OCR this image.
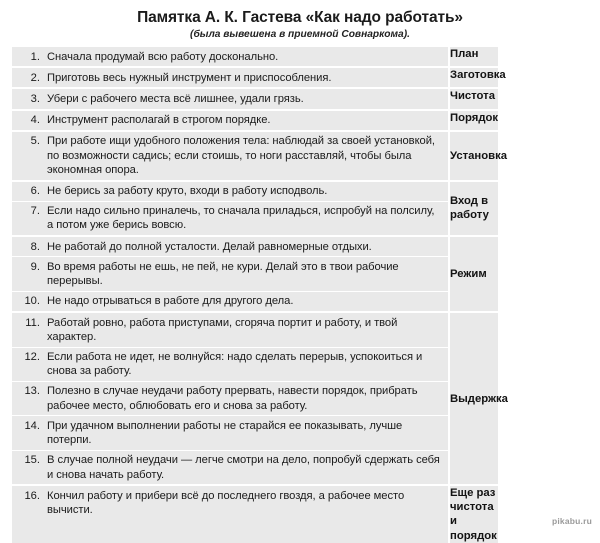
Памятка А. К. Гастева «Как надо работать»
(была вывешена в приемной Совнаркома).
1. Сначала продумай всю работу досконально.	План

2. Приготовь весь нужный инструмент и приспособления.	Заготовка

3. Убери с рабочего места всё лишнее, удали грязь.	Чистота

4. Инструмент располагай в строгом порядке.	Порядок

5. При работе ищи удобного положения тела: наблюдай за своей установкой, по возможности садись; если стоишь, то ноги расставляй, чтобы была экономная опора.
	Установка

6. Не берись за работу круто, входи в работу исподволь.
7. Если надо сильно приналечь, то сначала приладься, испробуй на полсилу, а потом уже берись вовсю.
	Вход в работу

8. Не работай до полной усталости. Делай равномерные отдыхи.
9. Во время работы не ешь, не пей, не кури. Делай это в твои рабочие перерывы.
10. Не надо отрываться в работе для другого дела.
	Режим

11. Работай ровно, работа приступами, сгоряча портит и работу, и твой характер.
12. Если работа не идет, не волнуйся: надо сделать перерыв, успокоиться и снова за работу.
13. Полезно в случае неудачи работу прервать, навести порядок, прибрать рабочее место, облюбовать его и снова за работу.
14. При удачном выполнении работы не старайся ее показывать, лучше потерпи.
15. В случае полной неудачи — легче смотри на дело, попробуй сдержать себя и снова начать работу.
	Выдержка

16. Кончил работу и прибери всё до последнего гвоздя, а рабочее место вычисти.
	Еще раз чистота и порядок
pikabu.ru
